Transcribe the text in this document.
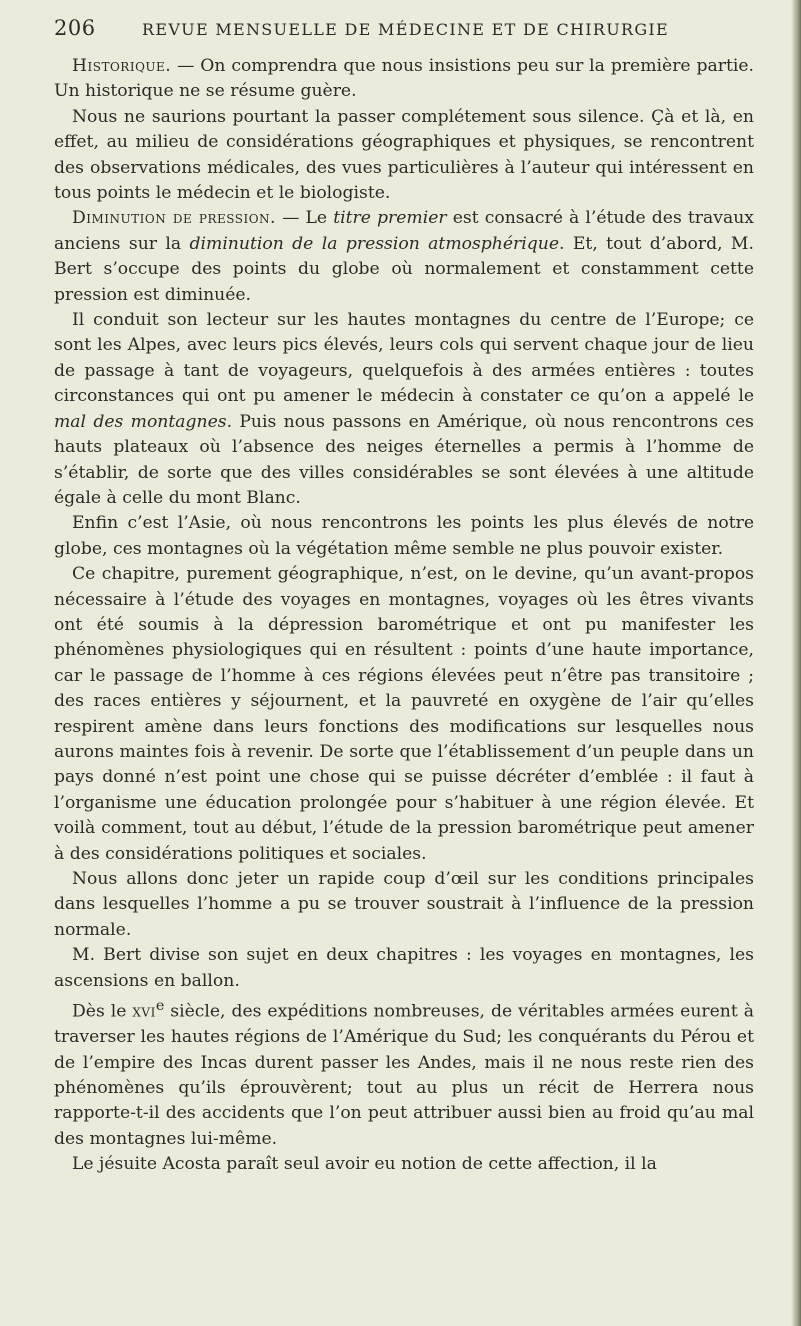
206	REVUE MENSUELLE DE MÉDECINE ET DE CHIRURGIE

Historique. — On comprendra que nous insistions peu sur la première partie. Un historique ne se résume guère.

Nous ne saurions pourtant la passer complétement sous silence. Çà et là, en effet, au milieu de considérations géographiques et physiques, se rencontrent des observations médicales, des vues particulières à l’auteur qui intéressent en tous points le médecin et le biologiste.

Diminution de pression. — Le titre premier est consacré à l’étude des travaux anciens sur la diminution de la pression atmosphérique. Et, tout d’abord, M. Bert s’occupe des points du globe où normalement et constamment cette pression est diminuée.

Il conduit son lecteur sur les hautes montagnes du centre de l’Europe; ce sont les Alpes, avec leurs pics élevés, leurs cols qui servent chaque jour de lieu de passage à tant de voyageurs, quelquefois à des armées entières : toutes circonstances qui ont pu amener le médecin à constater ce qu’on a appelé le mal des montagnes. Puis nous passons en Amérique, où nous rencontrons ces hauts plateaux où l’absence des neiges éternelles a permis à l’homme de s’établir, de sorte que des villes considérables se sont élevées à une altitude égale à celle du mont Blanc.

Enfin c’est l’Asie, où nous rencontrons les points les plus élevés de notre globe, ces montagnes où la végétation même semble ne plus pouvoir exister.

Ce chapitre, purement géographique, n’est, on le devine, qu’un avant-propos nécessaire à l’étude des voyages en montagnes, voyages où les êtres vivants ont été soumis à la dépression barométrique et ont pu manifester les phénomènes physiologiques qui en résultent : points d’une haute importance, car le passage de l’homme à ces régions élevées peut n’être pas transitoire ; des races entières y séjournent, et la pauvreté en oxygène de l’air qu’elles respirent amène dans leurs fonctions des modifications sur lesquelles nous aurons maintes fois à revenir. De sorte que l’établissement d’un peuple dans un pays donné n’est point une chose qui se puisse décréter d’emblée : il faut à l’organisme une éducation prolongée pour s’habituer à une région élevée. Et voilà comment, tout au début, l’étude de la pression barométrique peut amener à des considérations politiques et sociales.

Nous allons donc jeter un rapide coup d’œil sur les conditions principales dans lesquelles l’homme a pu se trouver soustrait à l’influence de la pression normale.

M. Bert divise son sujet en deux chapitres : les voyages en montagnes, les ascensions en ballon.

Dès le xvi$^e$ siècle, des expéditions nombreuses, de véritables armées eurent à traverser les hautes régions de l’Amérique du Sud; les conquérants du Pérou et de l’empire des Incas durent passer les Andes, mais il ne nous reste rien des phénomènes qu’ils éprouvèrent; tout au plus un récit de Herrera nous rapporte-t-il des accidents que l’on peut attribuer aussi bien au froid qu’au mal des montagnes lui-même.

Le jésuite Acosta paraît seul avoir eu notion de cette affection, il la
